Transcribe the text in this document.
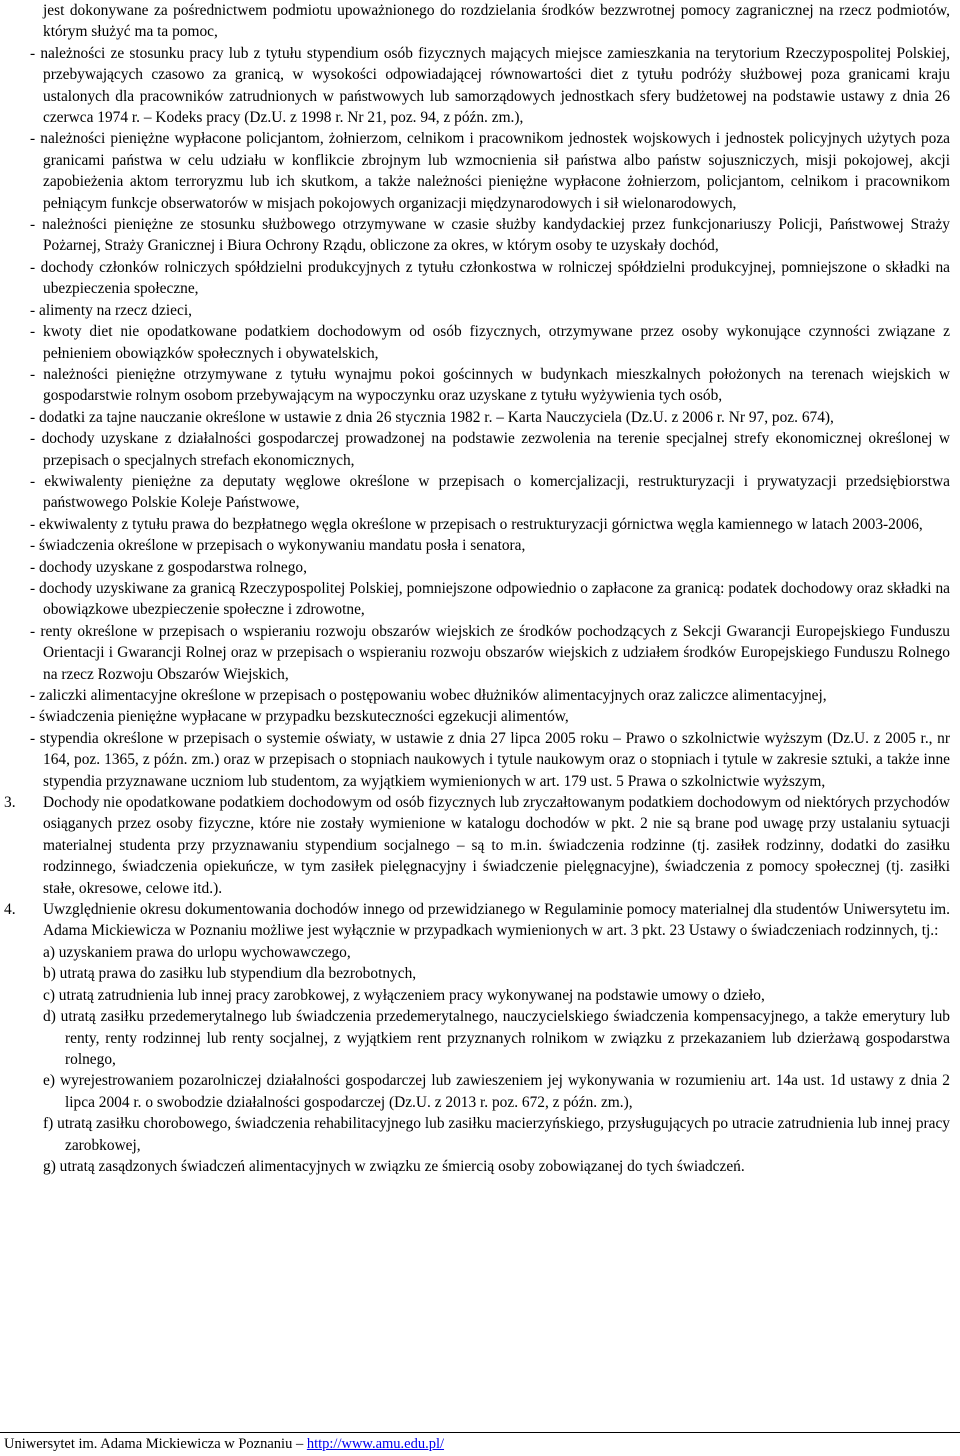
jest dokonywane za pośrednictwem podmiotu upoważnionego do rozdzielania środków bezzwrotnej pomocy zagranicznej na rzecz podmiotów, którym służyć ma ta pomoc,
- należności ze stosunku pracy lub z tytułu stypendium osób fizycznych mających miejsce zamieszkania na terytorium Rzeczypospolitej Polskiej, przebywających czasowo za granicą, w wysokości odpowiadającej równowartości diet z tytułu podróży służbowej poza granicami kraju ustalonych dla pracowników zatrudnionych w państwowych lub samorządowych jednostkach sfery budżetowej na podstawie ustawy z dnia 26 czerwca 1974 r. – Kodeks pracy (Dz.U. z 1998 r. Nr 21, poz. 94, z późn. zm.),
- należności pieniężne wypłacone policjantom, żołnierzom, celnikom i pracownikom jednostek wojskowych i jednostek policyjnych użytych poza granicami państwa w celu udziału w konflikcie zbrojnym lub wzmocnienia sił państwa albo państw sojuszniczych, misji pokojowej, akcji zapobieżenia aktom terroryzmu lub ich skutkom, a także należności pieniężne wypłacone żołnierzom, policjantom, celnikom i pracownikom pełniącym funkcje obserwatorów w misjach pokojowych organizacji międzynarodowych i sił wielonarodowych,
- należności pieniężne ze stosunku służbowego otrzymywane w czasie służby kandydackiej przez funkcjonariuszy Policji, Państwowej Straży Pożarnej, Straży Granicznej i Biura Ochrony Rządu, obliczone za okres, w którym osoby te uzyskały dochód,
- dochody członków rolniczych spółdzielni produkcyjnych z tytułu członkostwa w rolniczej spółdzielni produkcyjnej, pomniejszone o składki na ubezpieczenia społeczne,
- alimenty na rzecz dzieci,
- kwoty diet nie opodatkowane podatkiem dochodowym od osób fizycznych, otrzymywane przez osoby wykonujące czynności związane z pełnieniem obowiązków społecznych i obywatelskich,
- należności pieniężne otrzymywane z tytułu wynajmu pokoi gościnnych w budynkach mieszkalnych położonych na terenach wiejskich w gospodarstwie rolnym osobom przebywającym na wypoczynku oraz uzyskane z tytułu wyżywienia tych osób,
- dodatki za tajne nauczanie określone w ustawie z dnia 26 stycznia 1982 r. – Karta Nauczyciela (Dz.U. z 2006 r. Nr 97, poz. 674),
- dochody uzyskane z działalności gospodarczej prowadzonej na podstawie zezwolenia na terenie specjalnej strefy ekonomicznej określonej w przepisach o specjalnych strefach ekonomicznych,
- ekwiwalenty pieniężne za deputaty węglowe określone w przepisach o komercjalizacji, restrukturyzacji i prywatyzacji przedsiębiorstwa państwowego Polskie Koleje Państwowe,
- ekwiwalenty z tytułu prawa do bezpłatnego węgla określone w przepisach o restrukturyzacji górnictwa węgla kamiennego w latach 2003-2006,
- świadczenia określone w przepisach o wykonywaniu mandatu posła i senatora,
- dochody uzyskane z gospodarstwa rolnego,
- dochody uzyskiwane za granicą Rzeczypospolitej Polskiej, pomniejszone odpowiednio o zapłacone za granicą: podatek dochodowy oraz składki na obowiązkowe ubezpieczenie społeczne i zdrowotne,
- renty określone w przepisach o wspieraniu rozwoju obszarów wiejskich ze środków pochodzących z Sekcji Gwarancji Europejskiego Funduszu Orientacji i Gwarancji Rolnej oraz w przepisach o wspieraniu rozwoju obszarów wiejskich z udziałem środków Europejskiego Funduszu Rolnego na rzecz Rozwoju Obszarów Wiejskich,
- zaliczki alimentacyjne określone w przepisach o postępowaniu wobec dłużników alimentacyjnych oraz zaliczce alimentacyjnej,
- świadczenia pieniężne wypłacane w przypadku bezskuteczności egzekucji alimentów,
- stypendia określone w przepisach o systemie oświaty, w ustawie z dnia 27 lipca 2005 roku – Prawo o szkolnictwie wyższym (Dz.U. z 2005 r., nr 164, poz. 1365, z późn. zm.) oraz w przepisach o stopniach naukowych i tytule naukowym oraz o stopniach i tytule w zakresie sztuki, a także inne stypendia przyznawane uczniom lub studentom, za wyjątkiem wymienionych w art. 179 ust. 5 Prawa o szkolnictwie wyższym,
3. Dochody nie opodatkowane podatkiem dochodowym od osób fizycznych lub zryczałtowanym podatkiem dochodowym od niektórych przychodów osiąganych przez osoby fizyczne, które nie zostały wymienione w katalogu dochodów w pkt. 2 nie są brane pod uwagę przy ustalaniu sytuacji materialnej studenta przy przyznawaniu stypendium socjalnego – są to m.in. świadczenia rodzinne (tj. zasiłek rodzinny, dodatki do zasiłku rodzinnego, świadczenia opiekuńcze, w tym zasiłek pielęgnacyjny i świadczenie pielęgnacyjne), świadczenia z pomocy społecznej (tj. zasiłki stałe, okresowe, celowe itd.).
4. Uwzględnienie okresu dokumentowania dochodów innego od przewidzianego w Regulaminie pomocy materialnej dla studentów Uniwersytetu im. Adama Mickiewicza w Poznaniu możliwe jest wyłącznie w przypadkach wymienionych w art. 3 pkt. 23 Ustawy o świadczeniach rodzinnych, tj.:
a) uzyskaniem prawa do urlopu wychowawczego,
b) utratą prawa do zasiłku lub stypendium dla bezrobotnych,
c) utratą zatrudnienia lub innej pracy zarobkowej, z wyłączeniem pracy wykonywanej na podstawie umowy o dzieło,
d) utratą zasiłku przedemerytalnego lub świadczenia przedemerytalnego, nauczycielskiego świadczenia kompensacyjnego, a także emerytury lub renty, renty rodzinnej lub renty socjalnej, z wyjątkiem rent przyznanych rolnikom w związku z przekazaniem lub dzierżawą gospodarstwa rolnego,
e) wyrejestrowaniem pozarolniczej działalności gospodarczej lub zawieszeniem jej wykonywania w rozumieniu art. 14a ust. 1d ustawy z dnia 2 lipca 2004 r. o swobodzie działalności gospodarczej (Dz.U. z 2013 r. poz. 672, z późn. zm.),
f) utratą zasiłku chorobowego, świadczenia rehabilitacyjnego lub zasiłku macierzyńskiego, przysługujących po utracie zatrudnienia lub innej pracy zarobkowej,
g) utratą zasądzonych świadczeń alimentacyjnych w związku ze śmiercią osoby zobowiązanej do tych świadczeń.
Uniwersytet im. Adama Mickiewicza w Poznaniu – http://www.amu.edu.pl/
